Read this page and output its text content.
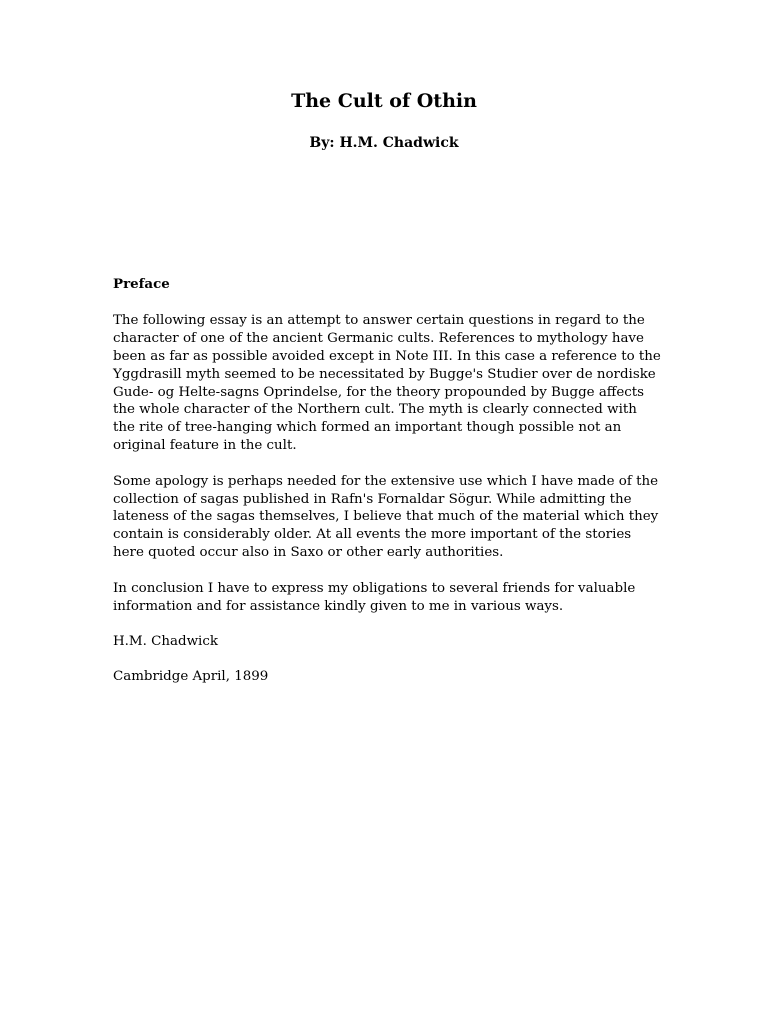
The Cult of Othin
By: H.M. Chadwick
Preface

The following essay is an attempt to answer certain questions in regard to the character of one of the ancient Germanic cults. References to mythology have been as far as possible avoided except in Note III. In this case a reference to the Yggdrasill myth seemed to be necessitated by Bugge's Studier over de nordiske Gude- og Helte-sagns Oprindelse, for the theory propounded by Bugge affects the whole character of the Northern cult. The myth is clearly connected with the rite of tree-hanging which formed an important though possible not an original feature in the cult.

Some apology is perhaps needed for the extensive use which I have made of the collection of sagas published in Rafn's Fornaldar Sögur. While admitting the lateness of the sagas themselves, I believe that much of the material which they contain is considerably older. At all events the more important of the stories here quoted occur also in Saxo or other early authorities.

In conclusion I have to express my obligations to several friends for valuable information and for assistance kindly given to me in various ways.

H.M. Chadwick

Cambridge April, 1899
